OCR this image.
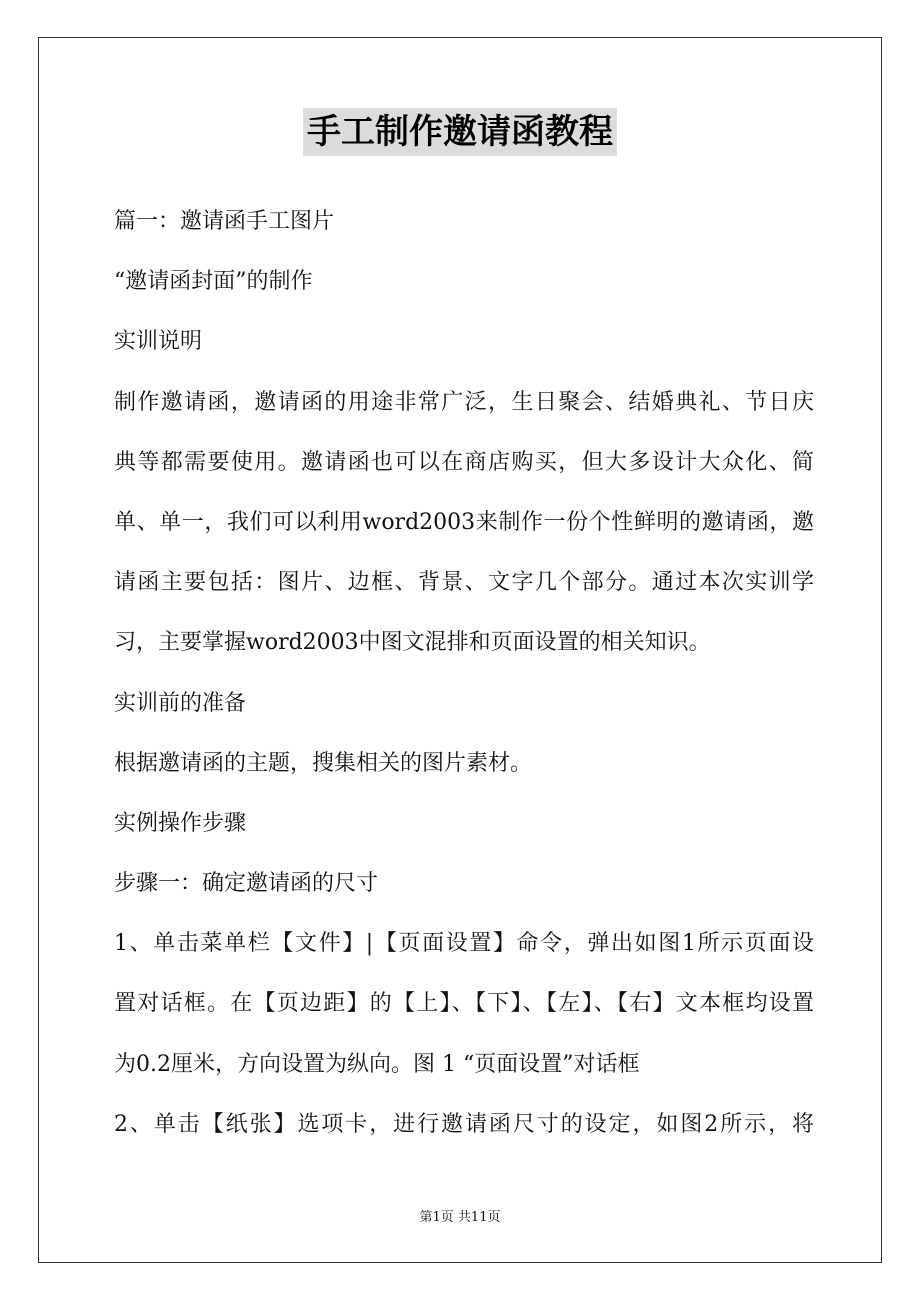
手工制作邀请函教程
篇一：邀请函手工图片
“邀请函封面”的制作
实训说明
制作邀请函，邀请函的用途非常广泛，生日聚会、结婚典礼、节日庆
典等都需要使用。邀请函也可以在商店购买，但大多设计大众化、简
单、单一，我们可以利用word2003来制作一份个性鲜明的邀请函，邀
请函主要包括：图片、边框、背景、文字几个部分。通过本次实训学
习，主要掌握word2003中图文混排和页面设置的相关知识。
实训前的准备
根据邀请函的主题，搜集相关的图片素材。
实例操作步骤
步骤一：确定邀请函的尺寸
1、单击菜单栏【文件】|【页面设置】命令，弹出如图1所示页面设
置对话框。在【页边距】的【上】、【下】、【左】、【右】文本框均设置
为0.2厘米，方向设置为纵向。图 1 “页面设置”对话框
2、单击【纸张】选项卡，进行邀请函尺寸的设定，如图2所示，将
第1页 共11页
